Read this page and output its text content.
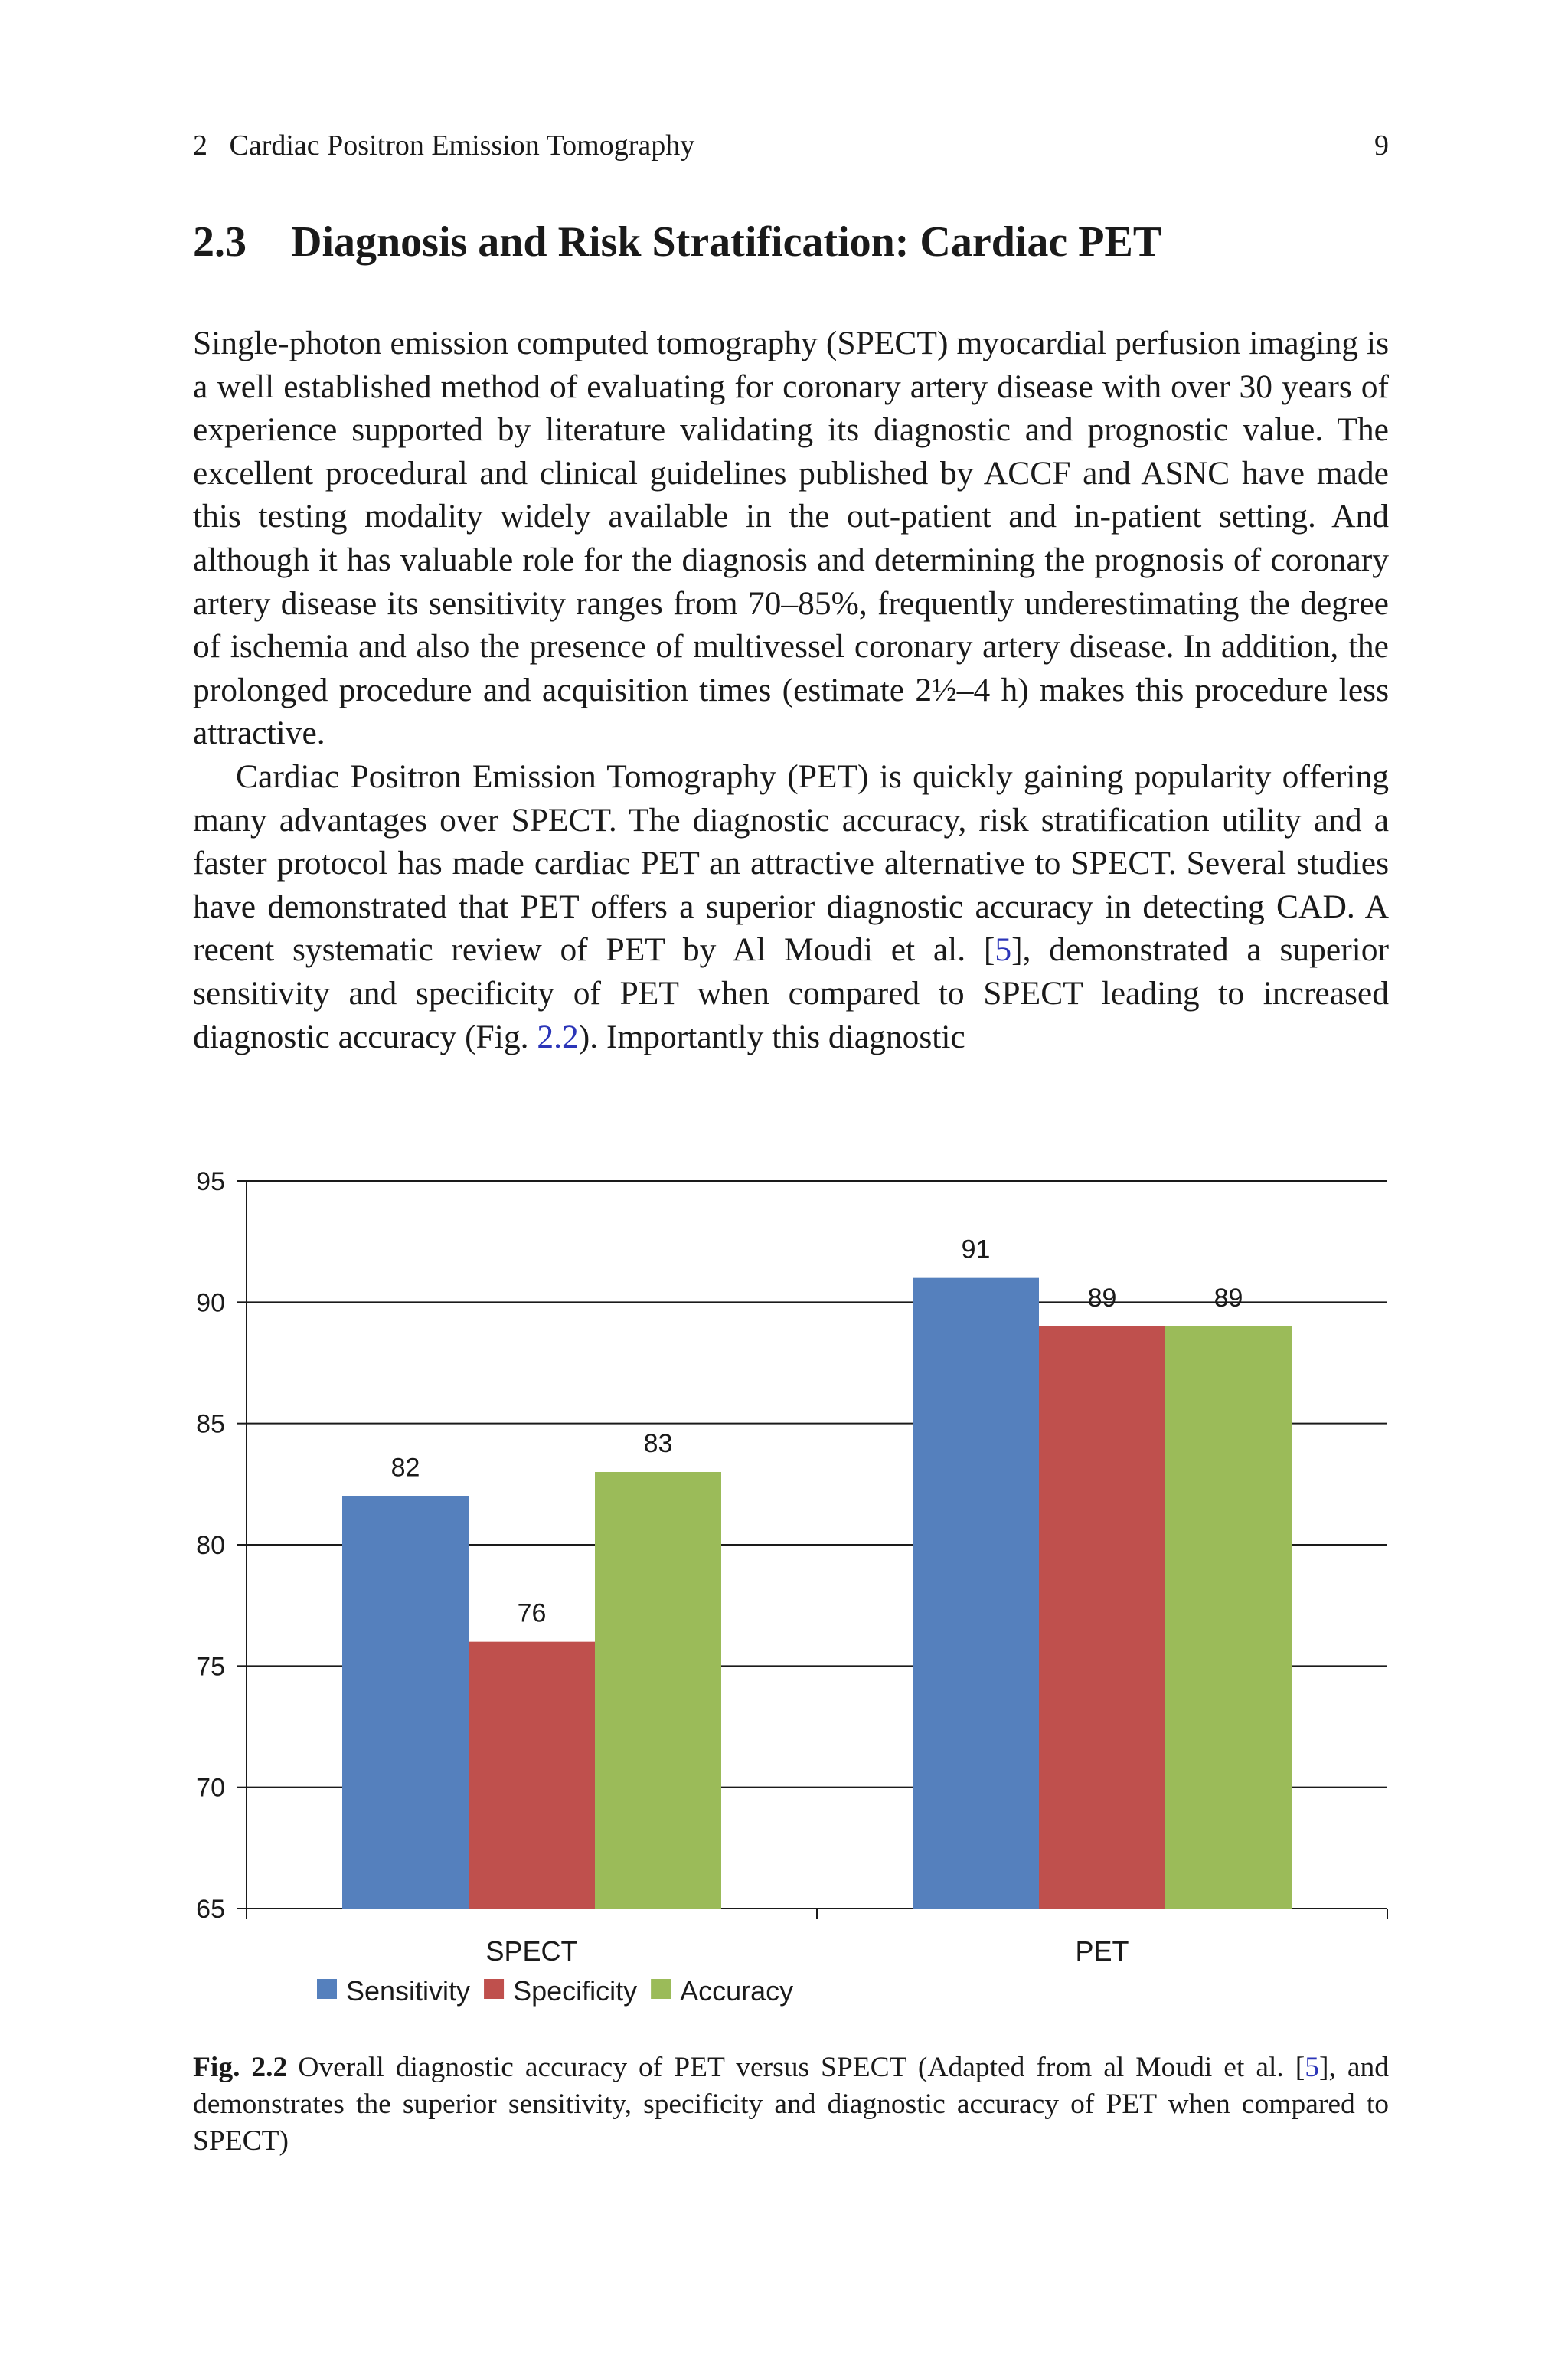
2   Cardiac Positron Emission Tomography	9
2.3 Diagnosis and Risk Stratification: Cardiac PET

Single-photon emission computed tomography (SPECT) myocardial perfusion imaging is a well established method of evaluating for coronary artery disease with over 30 years of experience supported by literature validating its diagnostic and prognostic value. The excellent procedural and clinical guidelines published by ACCF and ASNC have made this testing modality widely available in the out-patient and in-patient setting. And although it has valuable role for the diagnosis and determining the prognosis of coronary artery disease its sensitivity ranges from 70–85%, frequently underestimating the degree of ischemia and also the presence of multivessel coronary artery disease. In addition, the prolonged procedure and acquisition times (estimate 2½–4 h) makes this procedure less attractive.

Cardiac Positron Emission Tomography (PET) is quickly gaining popularity offering many advantages over SPECT. The diagnostic accuracy, risk stratification utility and a faster protocol has made cardiac PET an attractive alternative to SPECT. Several studies have demonstrated that PET offers a superior diagnostic accuracy in detecting CAD. A recent systematic review of PET by Al Moudi et al. [5], demonstrated a superior sensitivity and specificity of PET when compared to SPECT leading to increased diagnostic accuracy (Fig. 2.2). Importantly this diagnostic

65
70
75
80
85
90
95
82
76
83
SPECT
91
89	89
PET
Sensitivity Specificity Accuracy
Fig. 2.2 Overall diagnostic accuracy of PET versus SPECT (Adapted from al Moudi et al. [5], and demonstrates the superior sensitivity, specificity and diagnostic accuracy of PET when compared to SPECT)
